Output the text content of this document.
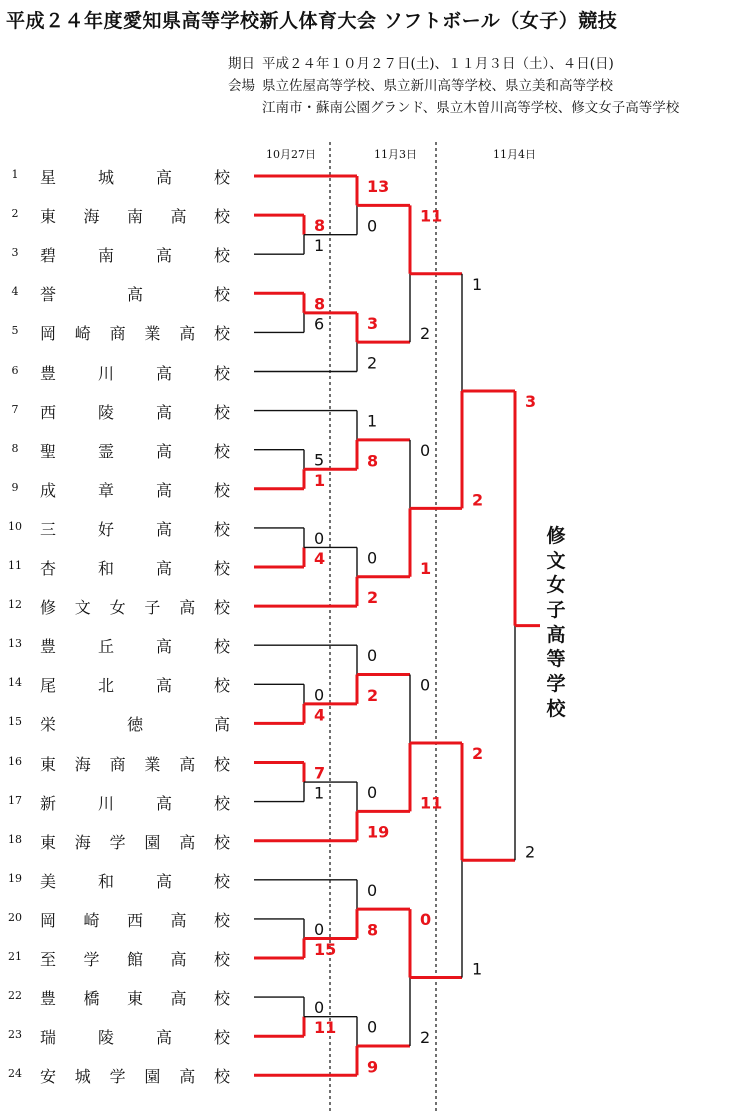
平成２４年度愛知県高等学校新人体育大会 ソフトボール（女子）競技
期日 平成２４年１０月２７日(土)、１１月３日（土）、４日(日)
会場 県立佐屋高等学校、県立新川高等学校、県立美和高等学校
江南市・蘇南公園グランド、県立木曽川高等学校、修文女子高等学校
10月27日	11月3日	11月4日
1	星	城	高	校
2	東 海 南 高 校
3	碧	南	高	校
4	誉	高	校
5	岡 崎 商 業 高 校
6	豊	川	高	校
7	西	陵	高	校
8	聖	霊	高	校
9	成	章	高	校
10 三	好	高	校
11 杏	和	高	校
12 修 文 女 子 高 校
13 豊	丘	高	校
14 尾	北	高	校
15 栄	徳	高
16 東 海 商 業 高 校
17 新	川	高	校
18 東 海 学 園 高 校
19 美	和	高	校
20 岡 崎 西 高 校
21 至 学 館 高 校
22 豊 橋 東 高 校
23 瑞	陵	高	校
24 安 城 学 園 高 校
8
1
8
6
5
1
0
4
0
4
7
1
0
15
0
11
13
0
3
2
1
8
0
2
0
2
0
19
0
8
0
9
11
2
0
1
0
11
0
2
1
2
2
1
3
2
修文女子高等学校
